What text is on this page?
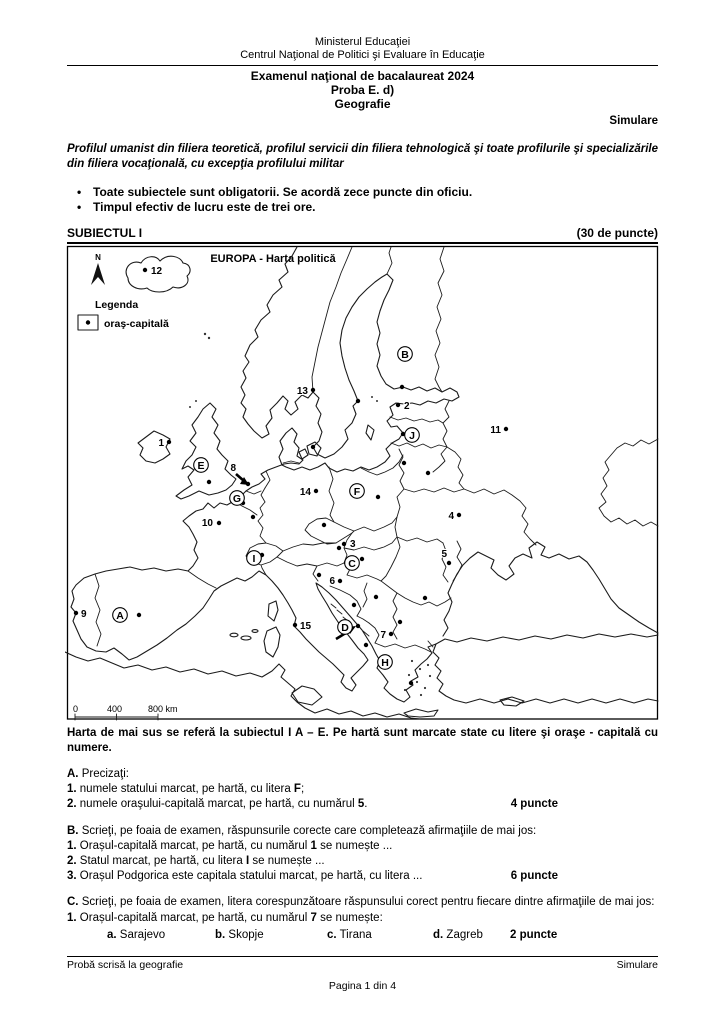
Ministerul Educaţiei
Centrul Naţional de Politici şi Evaluare în Educaţie
Examenul naţional de bacalaureat 2024
Proba E. d)
Geografie
Simulare
Profilul umanist din filiera teoretică, profilul servicii din filiera tehnologică şi toate profilurile şi specializările din filiera vocaţională, cu excepţia profilului militar
• Toate subiectele sunt obligatorii. Se acordă zece puncte din oficiu.
• Timpul efectiv de lucru este de trei ore.
SUBIECTUL I	(30 de puncte)
N	EUROPA - Harta politică
Legenda
oraş-capitală
0	400	800 km
1
2
3
4
5
6
7
8
9
10
11
12
13
14
15
A
B
C
D
E
F
G
H
I
J
Harta de mai sus se referă la subiectul I A – E. Pe hartă sunt marcate state cu litere şi oraşe - capitală cu numere.
A. Precizaţi:
1. numele statului marcat, pe hartă, cu litera F;
2. numele oraşului-capitală marcat, pe hartă, cu numărul 5.	4 puncte
B. Scrieţi, pe foaia de examen, răspunsurile corecte care completează afirmaţiile de mai jos:
1. Orașul-capitală marcat, pe hartă, cu numărul 1 se numește ...
2. Statul marcat, pe hartă, cu litera I se numește ...
3. Orașul Podgorica este capitala statului marcat, pe hartă, cu litera ...	6 puncte
C. Scrieţi, pe foaia de examen, litera corespunzătoare răspunsului corect pentru fiecare dintre afirmaţiile de mai jos:
1. Orașul-capitală marcat, pe hartă, cu numărul 7 se numește:
a. Sarajevo	b. Skopje	c. Tirana	d. Zagreb 2 puncte
Probă scrisă la geografie	Simulare
Pagina 1 din 4
